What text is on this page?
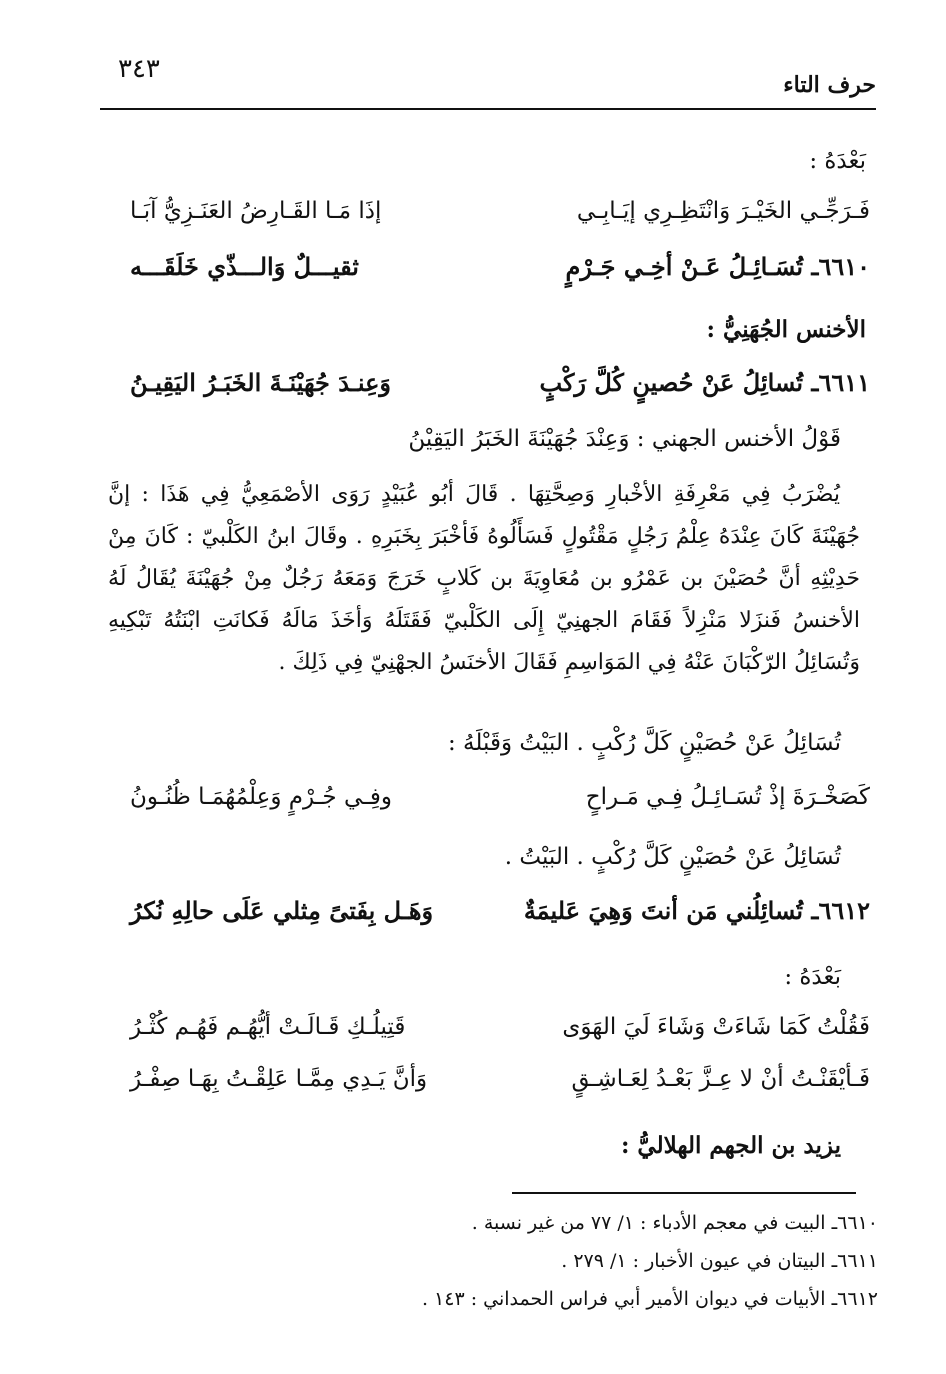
٣٤٣
حرف التاء
بَعْدَهُ :
فَـرَجِّـي الخَيْـرَ وَانْتَظِـرِي إيَـابِـي
إذَا مَـا القَـارِضُ العَنَـزِيُّ آبَـا
٦٦١٠ـ تُسَـائِـلُ عَـنْ أخِـي جَـرْمٍ
ثقيـــلٌ وَالـــذّي خَلَقَـــه
الأخنس الجُهَنِيُّ :
٦٦١١ـ تُسائِلُ عَنْ حُصينٍ كُلَّ رَكْبٍ
وَعِنـدَ جُهَيْنَـةَ الخَبَـرُ اليَقِيـنُ
قَوْلُ الأخنس الجهني : وَعِنْدَ جُهَيْنَةَ الخَبَرُ اليَقِيْنُ

يُضْرَبُ فِي مَعْرِفَةِ الأخْبارِ وَصِحَّتِهَا . قَالَ أبُو عُبَيْدٍ رَوَى الأصْمَعِيُّ فِي هَذَا : إنَّ

جُهَيْنَةَ كَانَ عِنْدَهُ عِلْمُ رَجُلٍ مَقْتُولٍ فَسَأَلُوهُ فَأخْبَرَ بِخَبَرِهِ . وقَالَ ابنُ الكَلْبيّ : كَانَ مِنْ

حَدِيْثِهِ أنَّ حُصَيْنَ بن عَمْرُو بن مُعَاوِيَةَ بن كَلابٍ خَرَجَ وَمَعَهُ رَجُلٌ مِنْ جُهَيْنَةَ يُقَالُ لَهُ

الأخنسُ فَنزَلا مَنْزِلاً فَقَامَ الجهنِيّ إِلَى الكَلْبيّ فَقَتَلَهُ وَأخَذَ مَالَهُ فَكانَتِ ابْنَتُهُ تَبْكِيهِ

وَتُسَائِلُ الرّكْبَانَ عَنْهُ فِي المَوَاسِمِ فَقَالَ الأخنَسُ الجهْنِيّ فِي ذَلِكَ .

تُسَائِلُ عَنْ حُصَيْنٍ كَلَّ رُكْبٍ . البَيْتُ وَقَبْلَهُ :
كَصَخْـرَةَ إذْ تُسَـائِـلُ فِـي مَـراحٍ
وفِـي جُـرْمٍ وَعِلْمُهُمَـا ظُنُـونُ
تُسَائِلُ عَنْ حُصَيْنٍ كَلَّ رُكْبٍ . البَيْتُ .
٦٦١٢ـ تُسائِلُني مَن أنتَ وَهِيَ عَليمَةٌ
وَهَـل بِفَتىً مِثلي عَلَى حالِهِ نُكرُ
بَعْدَهُ :
فَقُلْتُ كَمَا شَاءَتْ وَشَاءَ لَيَ الهَوَى
قَتِيلُـكِ قَـالَـتْ أيُّهُـم فَهُـم كُثْـرُ
فَـأيْقَنْـتُ أنْ لا عِـزَّ بَعْـدُ لِعَـاشِـقٍ
وَأنَّ يَـدِي مِمَّـا عَلِقْـتُ بِهَـا صِفْـرُ
يزيد بن الجهم الهلاليُّ :
٦٦١٠ـ البيت في معجم الأدباء : ١/ ٧٧ من غير نسبة .
٦٦١١ـ البيتان في عيون الأخبار : ١/ ٢٧٩ .
٦٦١٢ـ الأبيات في ديوان الأمير أبي فراس الحمداني : ١٤٣ .
